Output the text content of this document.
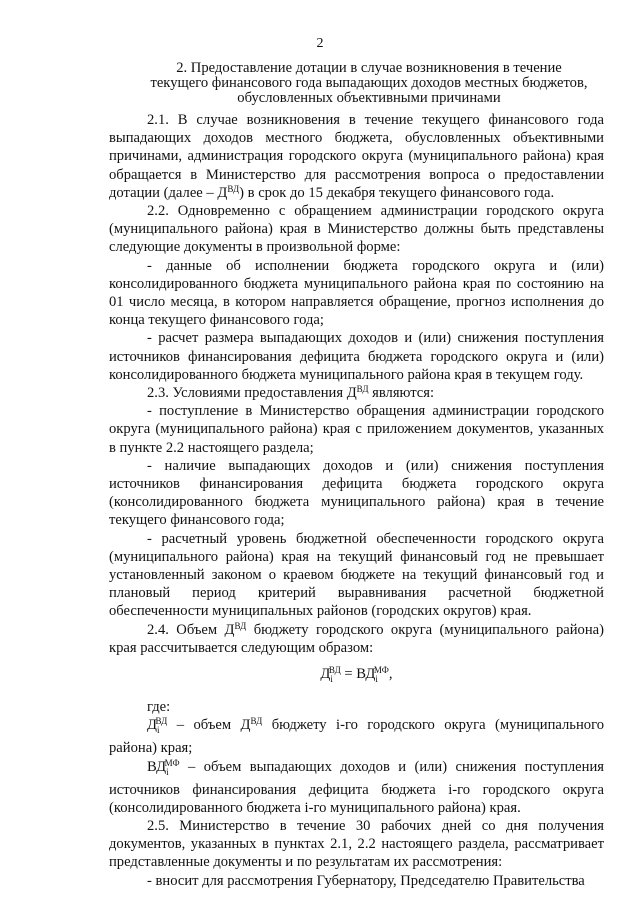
2
2. Предоставление дотации в случае возникновения в течение текущего финансового года выпадающих доходов местных бюджетов, обусловленных объективными причинами

2.1. В случае возникновения в течение текущего финансового года выпадающих доходов местного бюджета, обусловленных объективными причинами, администрация городского округа (муниципального района) края обращается в Министерство для рассмотрения вопроса о предоставлении дотации (далее – $Д^{ВД}$) в срок до 15 декабря текущего финансового года.

2.2. Одновременно с обращением администрации городского округа (муниципального района) края в Министерство должны быть представлены следующие документы в произвольной форме:

- данные об исполнении бюджета городского округа и (или) консолидированного бюджета муниципального района края по состоянию на 01 число месяца, в котором направляется обращение, прогноз исполнения до конца текущего финансового года;

- расчет размера выпадающих доходов и (или) снижения поступления источников финансирования дефицита бюджета городского округа и (или) консолидированного бюджета муниципального района края в текущем году.

2.3. Условиями предоставления $Д^{ВД}$ являются:

- поступление в Министерство обращения администрации городского округа (муниципального района) края с приложением документов, указанных в пункте 2.2 настоящего раздела;

- наличие выпадающих доходов и (или) снижения поступления источников финансирования дефицита бюджета городского округа (консолидированного бюджета муниципального района) края в течение текущего финансового года;

- расчетный уровень бюджетной обеспеченности городского округа (муниципального района) края на текущий финансовый год не превышает установленный законом о краевом бюджете на текущий финансовый год и плановый период критерий выравнивания расчетной бюджетной обеспеченности муниципальных районов (городских округов) края.

2.4. Объем $Д^{ВД}$ бюджету городского округа (муниципального района) края рассчитывается следующим образом:

$Д_i^{ВД} = ВД_i^{МФ}$,

где:

$Д_i^{ВД}$ – объем $Д^{ВД}$ бюджету i-го городского округа (муниципального района) края;

$ВД_i^{МФ}$ – объем выпадающих доходов и (или) снижения поступления источников финансирования дефицита бюджета i-го городского округа (консолидированного бюджета i-го муниципального района) края.

2.5. Министерство в течение 30 рабочих дней со дня получения документов, указанных в пунктах 2.1, 2.2 настоящего раздела, рассматривает представленные документы и по результатам их рассмотрения:

- вносит для рассмотрения Губернатору, Председателю Правительства
